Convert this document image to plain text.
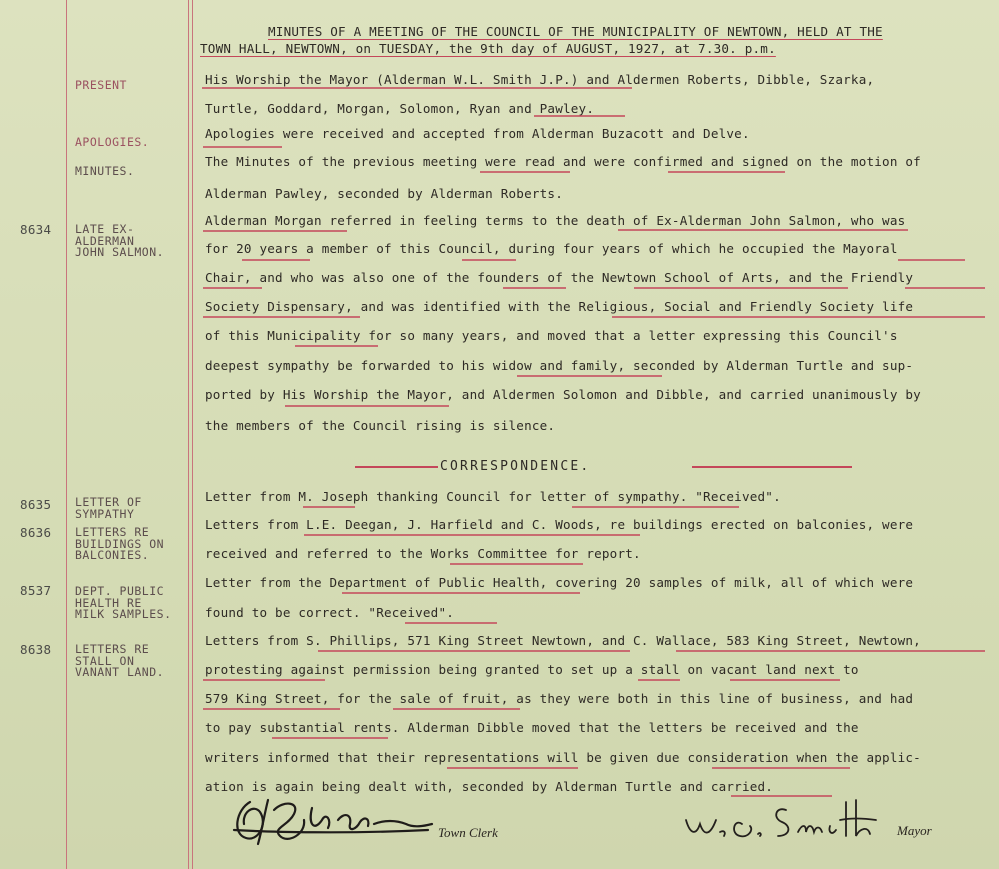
MINUTES OF A MEETING OF THE COUNCIL OF THE MUNICIPALITY OF NEWTOWN, HELD AT THE
TOWN HALL, NEWTOWN, on TUESDAY, the 9th day of AUGUST, 1927, at 7.30. p.m.
PRESENT
APOLOGIES.
MINUTES.
8634 LATE EX-
ALDERMAN
JOHN SALMON.
8635 LETTER OF
SYMPATHY
8636 LETTERS RE
BUILDINGS ON
BALCONIES.
8537 DEPT. PUBLIC
HEALTH RE
MILK SAMPLES.
8638 LETTERS RE
STALL ON
VANANT LAND.
His Worship the Mayor (Alderman W.L. Smith J.P.) and Aldermen Roberts, Dibble, Szarka,
Turtle, Goddard, Morgan, Solomon, Ryan and Pawley.
Apologies were received and accepted from Alderman Buzacott and Delve.
The Minutes of the previous meeting were read and were confirmed and signed on the motion of
Alderman Pawley, seconded by Alderman Roberts.
Alderman Morgan referred in feeling terms to the death of Ex-Alderman John Salmon, who was
for 20 years a member of this Council, during four years of which he occupied the Mayoral
Chair, and who was also one of the founders of the Newtown School of Arts, and the Friendly
Society Dispensary, and was identified with the Religious, Social and Friendly Society life
of this Municipality for so many years, and moved that a letter expressing this Council's
deepest sympathy be forwarded to his widow and family, seconded by Alderman Turtle and sup-
ported by His Worship the Mayor, and Aldermen Solomon and Dibble, and carried unanimously by
the members of the Council rising is silence.
CORRESPONDENCE.
Letter from M. Joseph thanking Council for letter of sympathy. "Received".
Letters from L.E. Deegan, J. Harfield and C. Woods, re buildings erected on balconies, were
received and referred to the Works Committee for report.
Letter from the Department of Public Health, covering 20 samples of milk, all of which were
found to be correct. "Received".
Letters from S. Phillips, 571 King Street Newtown, and C. Wallace, 583 King Street, Newtown,
protesting against permission being granted to set up a stall on vacant land next to
579 King Street, for the sale of fruit, as they were both in this line of business, and had
to pay substantial rents. Alderman Dibble moved that the letters be received and the
writers informed that their representations will be given due consideration when the applic-
ation is again being dealt with, seconded by Alderman Turtle and carried.
Town Clerk	Mayor
